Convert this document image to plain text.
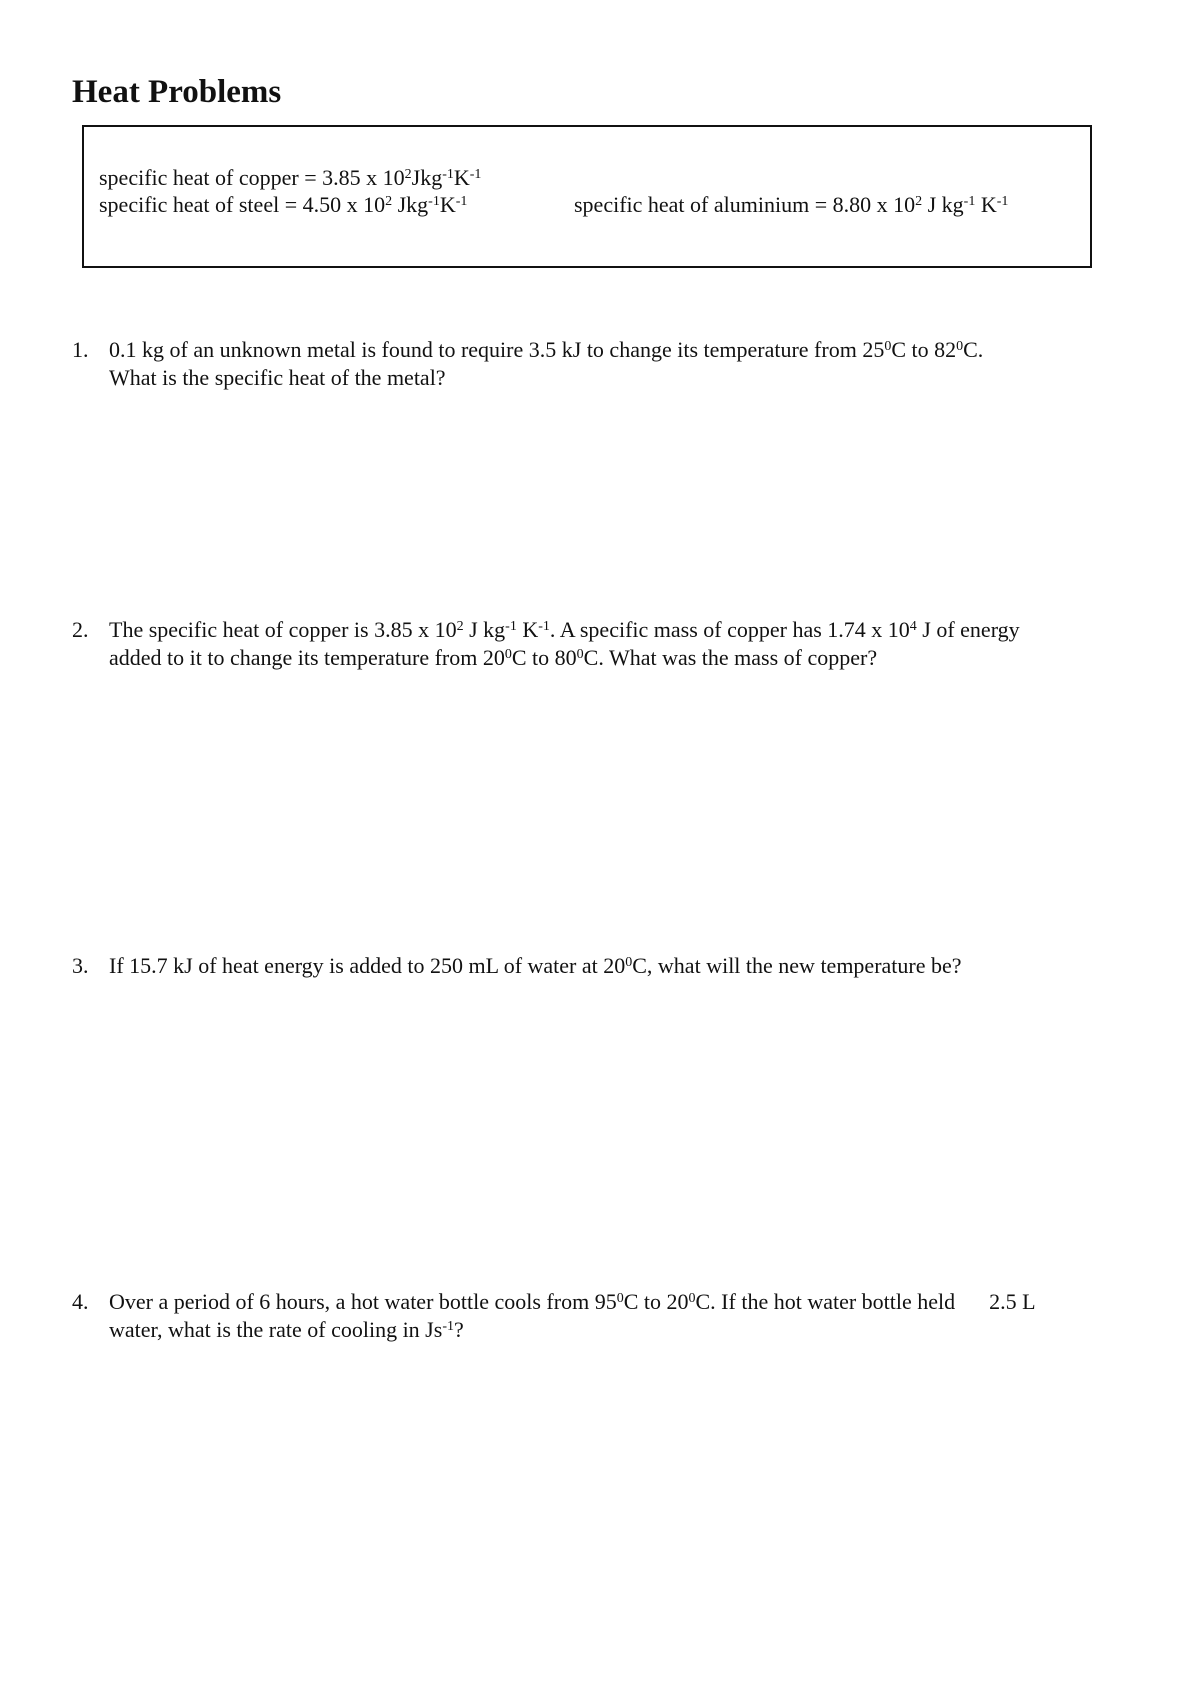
Heat Problems
specific heat of copper = 3.85 x $10^2Jkg^{-1}K^{-1}$
specific heat of steel = 4.50 x $10^2$ $Jkg^{-1}K^{-1}$	specific heat of aluminium = 8.80 x $10^2$ J $kg^{-1}$ $K^{-1}$
1. 0.1 kg of an unknown metal is found to require 3.5 kJ to change its temperature from $25^0C$ to $82^0C$.
What is the specific heat of the metal?
2. The specific heat of copper is 3.85 x $10^2$ J $kg^{-1}$ $K^{-1}$. A specific mass of copper has 1.74 x $10^4$ J of energy
added to it to change its temperature from $20^0C$ to $80^0C$. What was the mass of copper?
3. If 15.7 kJ of heat energy is added to 250 mL of water at $20^0C$, what will the new temperature be?
4. Over a period of 6 hours, a hot water bottle cools from $95^0C$ to $20^0C$. If the hot water bottle held 2.5 L
water, what is the rate of cooling in $Js^{-1}$?
